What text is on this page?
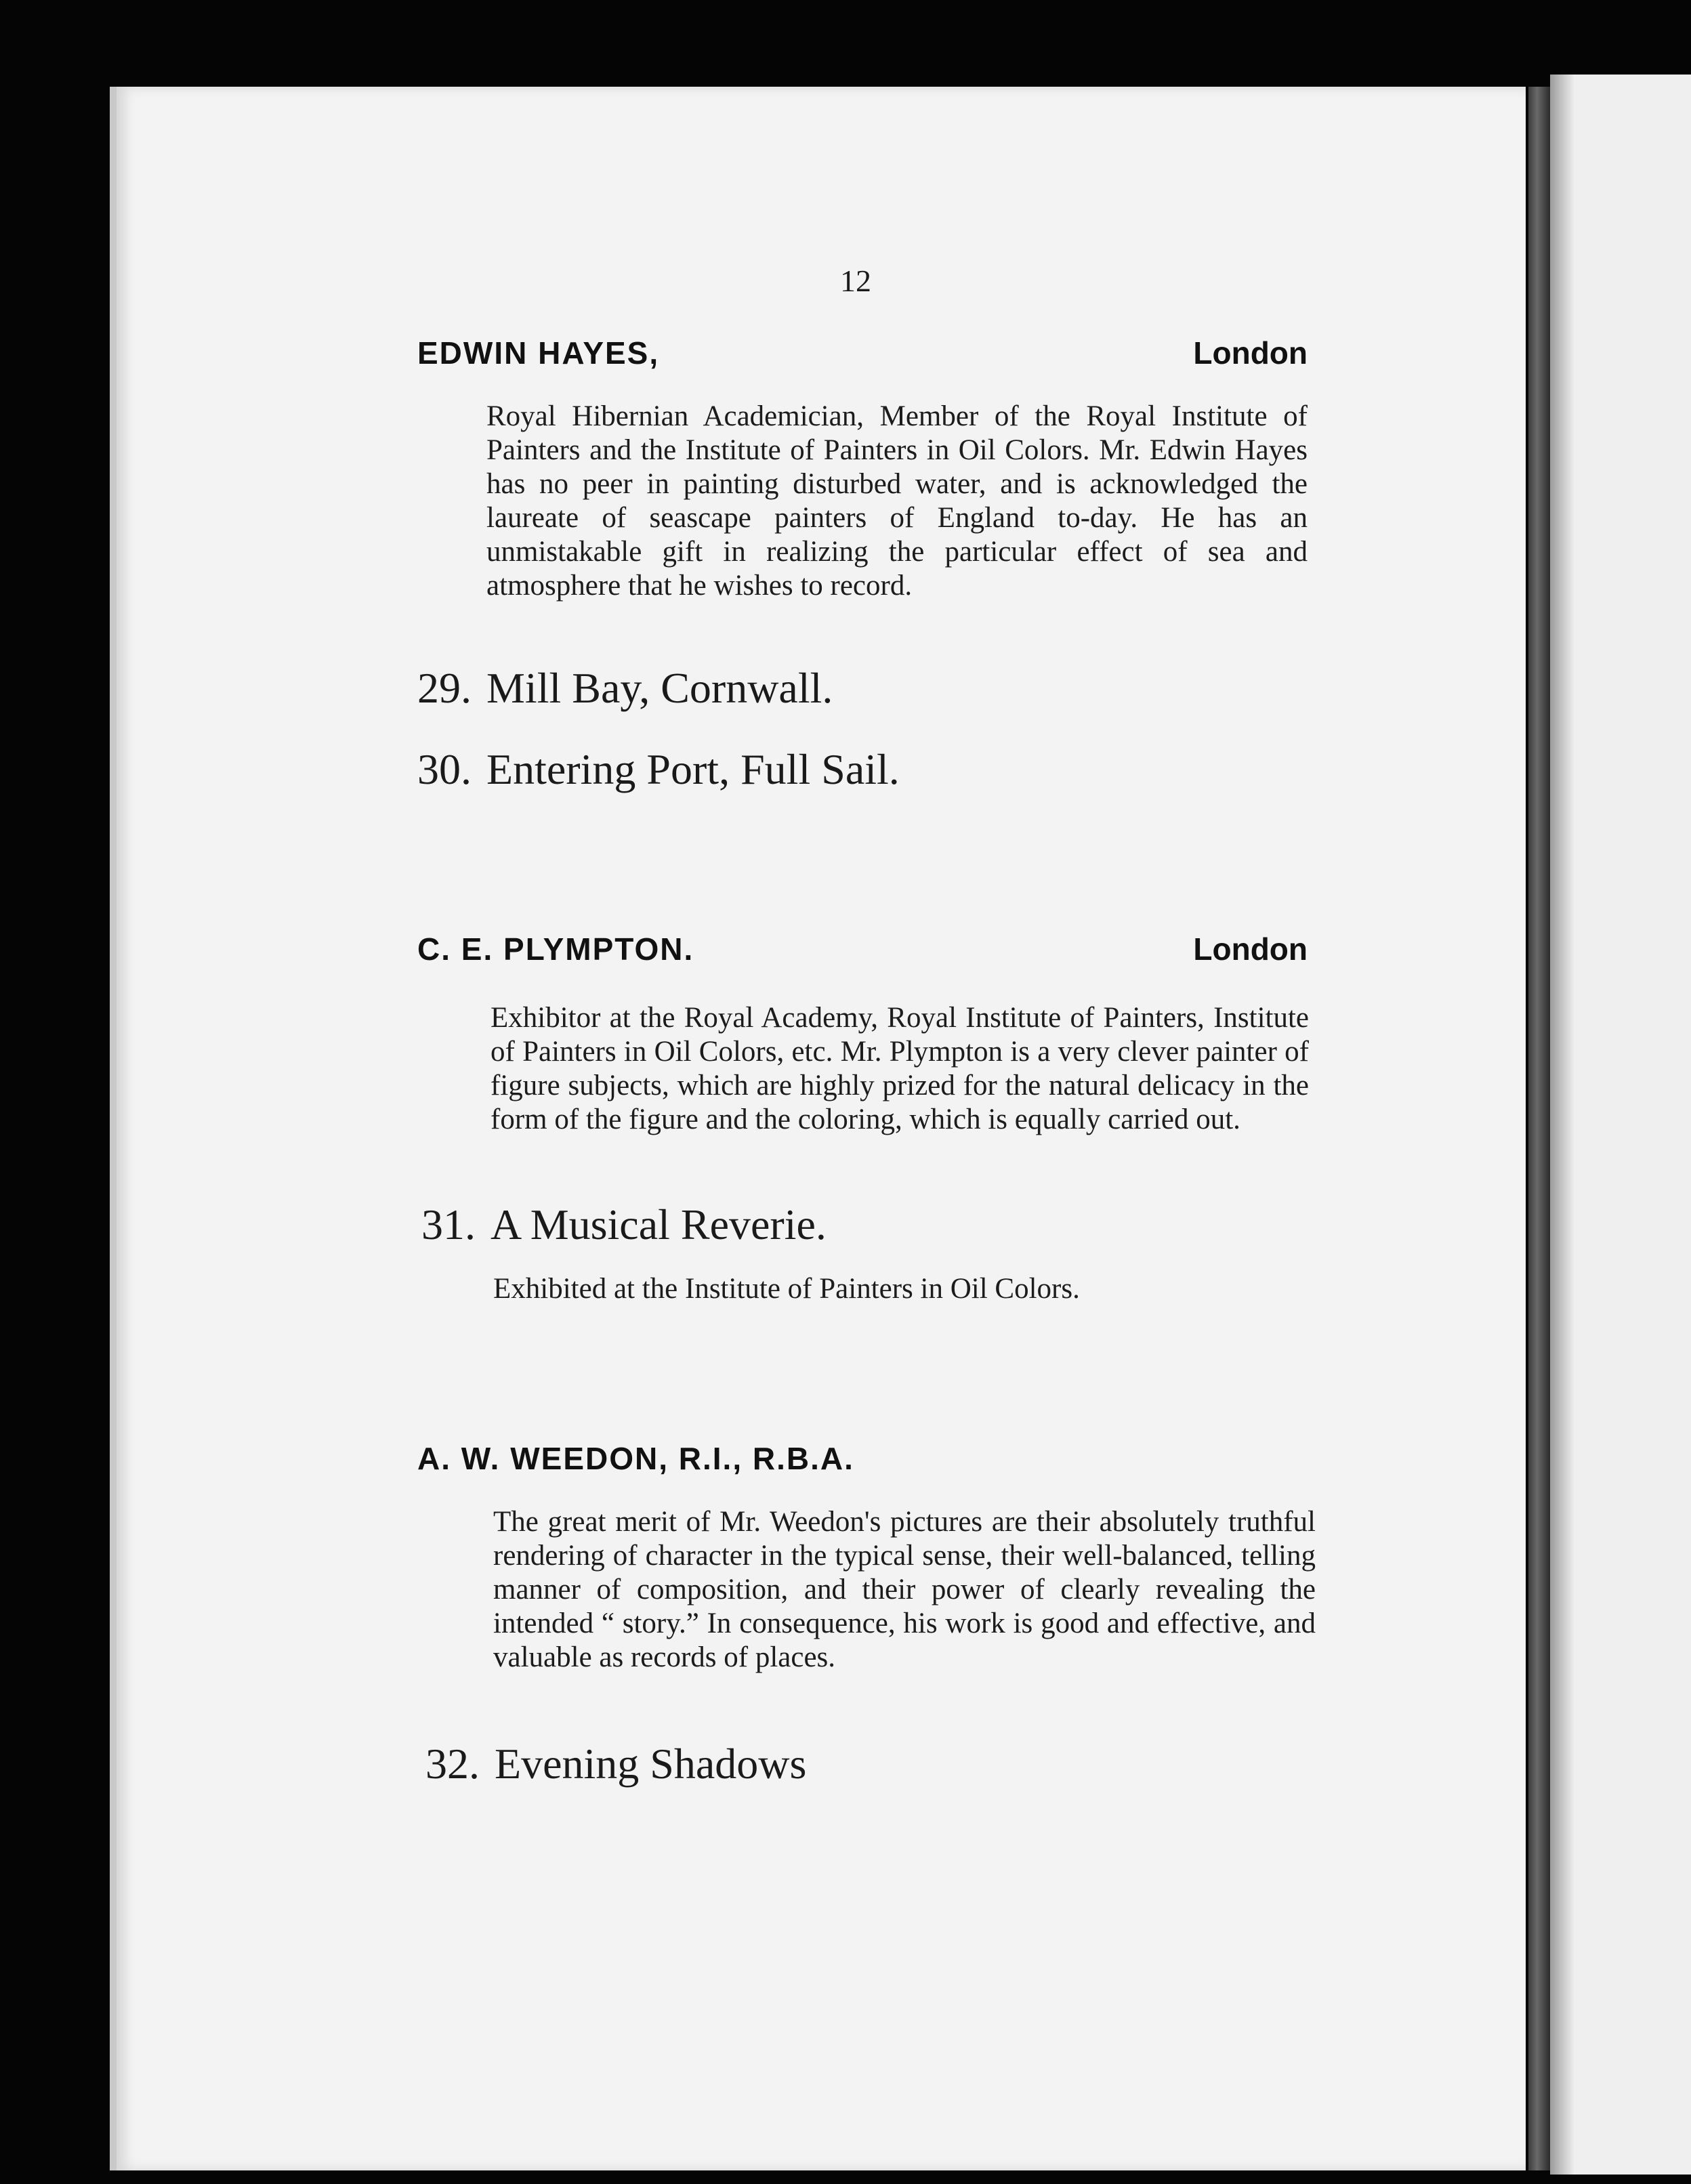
12
EDWIN HAYES,	London
Royal Hibernian Academician, Member of the Royal Institute of Painters and the Institute of Painters in Oil Colors. Mr. Edwin Hayes has no peer in painting disturbed water, and is acknowledged the laureate of seascape painters of England to-day. He has an unmistakable gift in realizing the particular effect of sea and atmosphere that he wishes to record.
29. Mill Bay, Cornwall.
30. Entering Port, Full Sail.
C. E. PLYMPTON.	London
Exhibitor at the Royal Academy, Royal Institute of Painters, Institute of Painters in Oil Colors, etc. Mr. Plympton is a very clever painter of figure subjects, which are highly prized for the natural delicacy in the form of the figure and the coloring, which is equally carried out.
31. A Musical Reverie.
Exhibited at the Institute of Painters in Oil Colors.
A. W. WEEDON, R.I., R.B.A.
The great merit of Mr. Weedon's pictures are their absolutely truthful rendering of character in the typical sense, their well-balanced, telling manner of composition, and their power of clearly revealing the intended “ story.” In consequence, his work is good and effective, and valuable as records of places.
32. Evening Shadows
